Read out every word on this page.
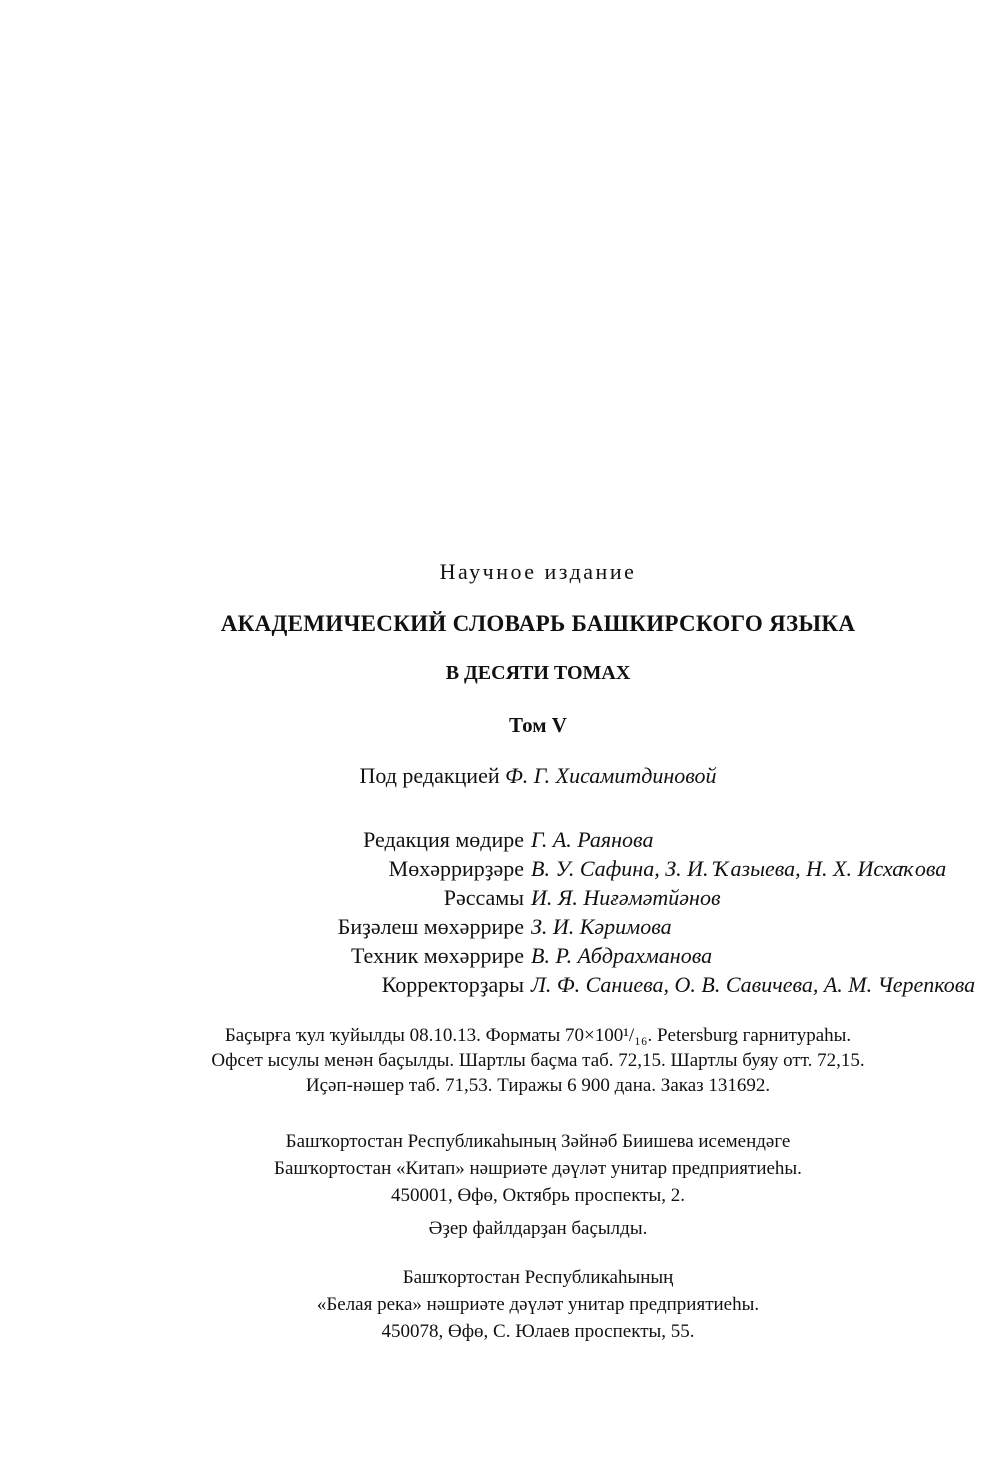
Научное издание
АКАДЕМИЧЕСКИЙ СЛОВАРЬ БАШКИРСКОГО ЯЗЫКА
В ДЕСЯТИ ТОМАХ
Том V
Под редакцией Ф. Г. Хисамитдиновой
Редакция мөдире Г. А. Раянова
Мөхәррирҙәре В. У. Сафина, З. И. Ҡазыева, Н. Х. Исхаҡова
Рәссамы И. Я. Ниғәмәтйәнов
Биҙәлеш мөхәррире З. И. Кәримова
Техник мөхәррире В. Р. Абдрахманова
Корректорҙары Л. Ф. Саниева, О. В. Савичева, А. М. Черепкова
Баҫырға ҡул ҡуйылды 08.10.13. Форматы 70×100¹/₁₆. Petersburg гарнитураһы.
Офсет ысулы менән баҫылды. Шартлы баҫма таб. 72,15. Шартлы буяу отт. 72,15.
Иҫәп-нәшер таб. 71,53. Тиражы 6 900 дана. Заказ 131692.
Башҡортостан Республикаһының Зәйнәб Биишева исемендәге
Башҡортостан «Китап» нәшриәте дәүләт унитар предприятиеһы.
450001, Өфө, Октябрь проспекты, 2.
Әҙер файлдарҙан баҫылды.
Башҡортостан Республикаһының
«Белая река» нәшриәте дәүләт унитар предприятиеһы.
450078, Өфө, С. Юлаев проспекты, 55.
